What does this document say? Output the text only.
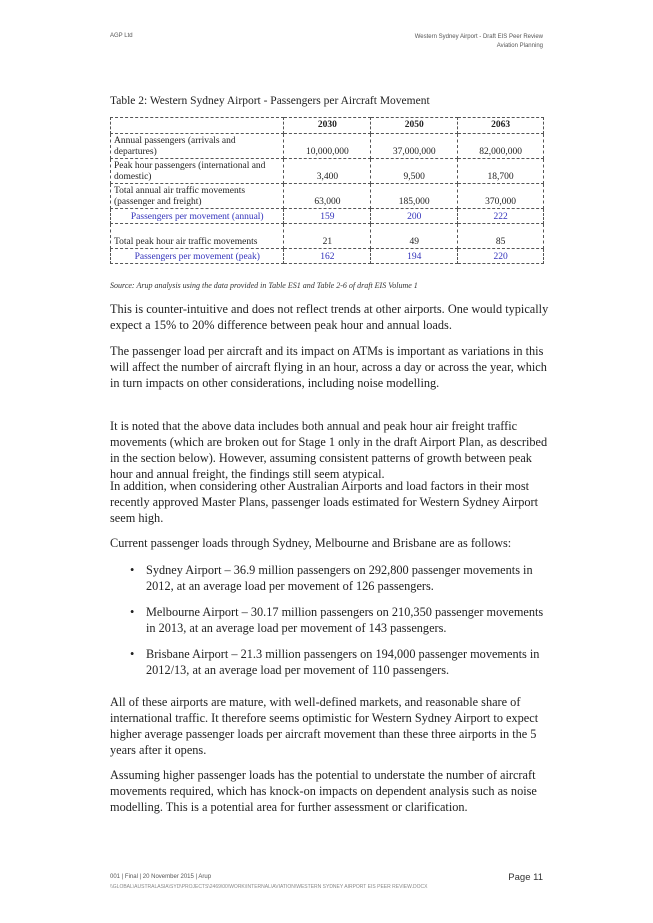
AGP Ltd	Western Sydney Airport - Draft EIS Peer Review
Aviation Planning
Table 2: Western Sydney Airport - Passengers per Aircraft Movement
	2030	2050	2063
Annual passengers (arrivals and departures)	10,000,000	37,000,000	82,000,000
Peak hour passengers (international and domestic)	3,400	9,500	18,700
Total annual air traffic movements (passenger and freight)	63,000	185,000	370,000
Passengers per movement (annual)	159	200	222
Total peak hour air traffic movements	21	49	85
Passengers per movement (peak)	162	194	220
Source: Arup analysis using the data provided in Table ES1 and Table 2-6 of draft EIS Volume 1
This is counter-intuitive and does not reflect trends at other airports. One would typically expect a 15% to 20% difference between peak hour and annual loads.
The passenger load per aircraft and its impact on ATMs is important as variations in this will affect the number of aircraft flying in an hour, across a day or across the year, which in turn impacts on other considerations, including noise modelling.
It is noted that the above data includes both annual and peak hour air freight traffic movements (which are broken out for Stage 1 only in the draft Airport Plan, as described in the section below). However, assuming consistent patterns of growth between peak hour and annual freight, the findings still seem atypical.
In addition, when considering other Australian Airports and load factors in their most recently approved Master Plans, passenger loads estimated for Western Sydney Airport seem high.
Current passenger loads through Sydney, Melbourne and Brisbane are as follows:
• Sydney Airport – 36.9 million passengers on 292,800 passenger movements in 2012, at an average load per movement of 126 passengers.
• Melbourne Airport – 30.17 million passengers on 210,350 passenger movements in 2013, at an average load per movement of 143 passengers.
• Brisbane Airport – 21.3 million passengers on 194,000 passenger movements in 2012/13, at an average load per movement of 110 passengers.
All of these airports are mature, with well-defined markets, and reasonable share of international traffic. It therefore seems optimistic for Western Sydney Airport to expect higher average passenger loads per aircraft movement than these three airports in the 5 years after it opens.
Assuming higher passenger loads has the potential to understate the number of aircraft movements required, which has knock-on impacts on dependent analysis such as noise modelling. This is a potential area for further assessment or clarification.
001 | Final | 20 November 2015 | Arup
\\GLOBAL\AUSTRALASIA\SYD\PROJECTS\2469\00\WORK\INTERNAL\AVIATION\WESTERN SYDNEY AIRPORT EIS PEER REVIEW.DOCX
Page 11
